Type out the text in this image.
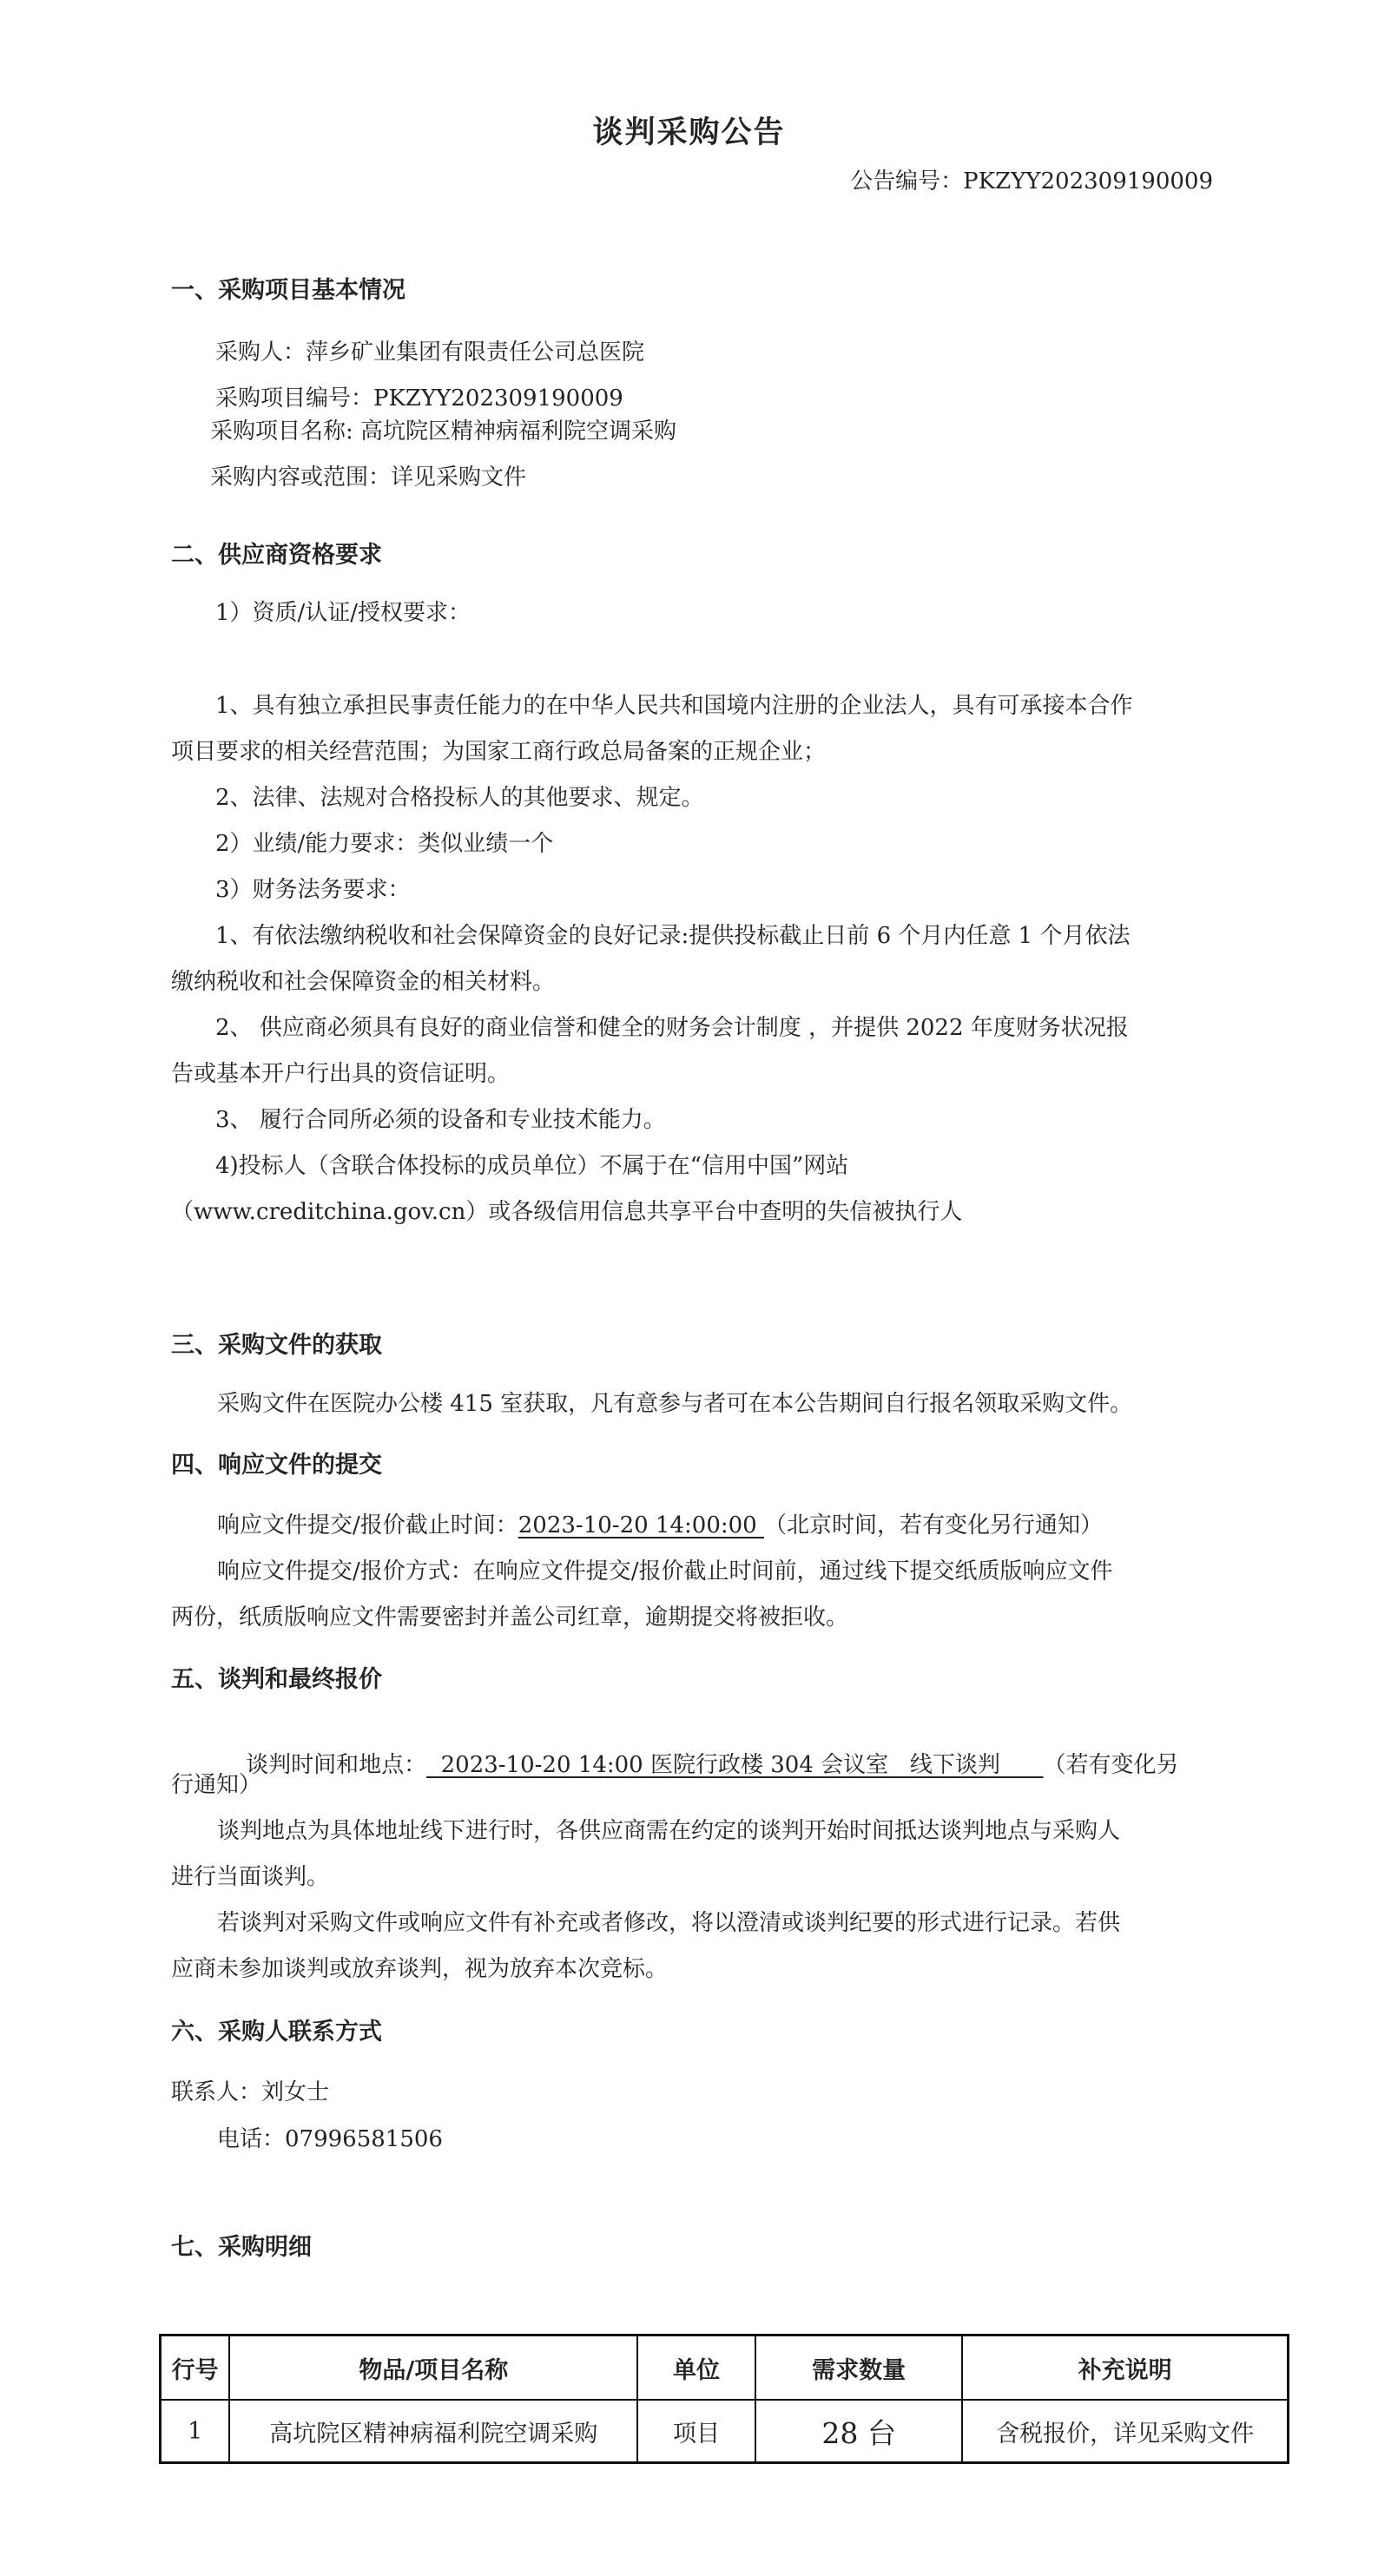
谈判采购公告
公告编号：PKZYY202309190009
一、采购项目基本情况
采购人：萍乡矿业集团有限责任公司总医院
采购项目编号：PKZYY202309190009
采购项目名称: 高坑院区精神病福利院空调采购
采购内容或范围：详见采购文件
二、供应商资格要求
1）资质/认证/授权要求：
1、具有独立承担民事责任能力的在中华人民共和国境内注册的企业法人，具有可承接本合作
项目要求的相关经营范围；为国家工商行政总局备案的正规企业；
2、法律、法规对合格投标人的其他要求、规定。
2）业绩/能力要求：类似业绩一个
3）财务法务要求：
1、有依法缴纳税收和社会保障资金的良好记录:提供投标截止日前 6 个月内任意 1 个月依法
缴纳税收和社会保障资金的相关材料。
2、 供应商必须具有良好的商业信誉和健全的财务会计制度 ，并提供 2022 年度财务状况报
告或基本开户行出具的资信证明。
3、 履行合同所必须的设备和专业技术能力。
4)投标人（含联合体投标的成员单位）不属于在“信用中国”网站
（www.creditchina.gov.cn）或各级信用信息共享平台中查明的失信被执行人
三、采购文件的获取
采购文件在医院办公楼 415 室获取，凡有意参与者可在本公告期间自行报名领取采购文件。
四、响应文件的提交
响应文件提交/报价截止时间：2023-10-20 14:00:00 （北京时间，若有变化另行通知）
响应文件提交/报价方式：在响应文件提交/报价截止时间前，通过线下提交纸质版响应文件
两份，纸质版响应文件需要密封并盖公司红章，逾期提交将被拒收。
五、谈判和最终报价

谈判时间和地点：  2023-10-20 14:00 医院行政楼 304 会议室   线下谈判      （若有变化另

行通知）
谈判地点为具体地址线下进行时，各供应商需在约定的谈判开始时间抵达谈判地点与采购人
进行当面谈判。
若谈判对采购文件或响应文件有补充或者修改，将以澄清或谈判纪要的形式进行记录。若供
应商未参加谈判或放弃谈判，视为放弃本次竞标。
六、采购人联系方式
联系人：刘女士
电话：07996581506
七、采购明细
行号	物品/项目名称	单位	需求数量	补充说明
1	高坑院区精神病福利院空调采购	项目	28 台	含税报价，详见采购文件
